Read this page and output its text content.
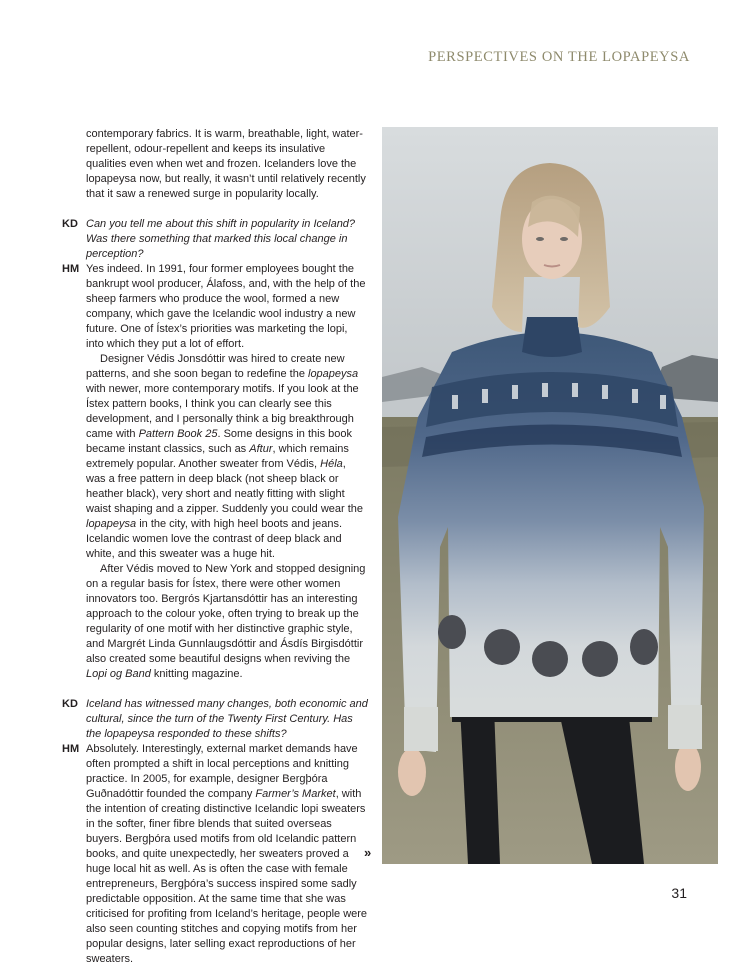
PERSPECTIVES ON THE LOPAPEYSA

contemporary fabrics. It is warm, breathable, light, water-repellent, odour-repellent and keeps its insulative qualities even when wet and frozen. Icelanders love the lopapeysa now, but really, it wasn’t until relatively recently that it saw a renewed surge in popularity locally.

KD Can you tell me about this shift in popularity in Iceland? Was there something that marked this local change in perception?

HM Yes indeed. In 1991, four former employees bought the bankrupt wool producer, Álafoss, and, with the help of the sheep farmers who produce the wool, formed a new company, which gave the Icelandic wool industry a new future. One of Ístex’s priorities was marketing the lopi, into which they put a lot of effort.

Designer Védis Jonsdóttir was hired to create new patterns, and she soon began to redefine the lopapeysa with newer, more contemporary motifs. If you look at the Ístex pattern books, I think you can clearly see this development, and I personally think a big breakthrough came with Pattern Book 25. Some designs in this book became instant classics, such as Aftur, which remains extremely popular. Another sweater from Védis, Héla, was a free pattern in deep black (not sheep black or heather black), very short and neatly fitting with slight waist shaping and a zipper. Suddenly you could wear the lopapeysa in the city, with high heel boots and jeans. Icelandic women love the contrast of deep black and white, and this sweater was a huge hit.

After Védis moved to New York and stopped designing on a regular basis for Ístex, there were other women innovators too. Bergrós Kjartansdóttir has an interesting approach to the colour yoke, often trying to break up the regularity of one motif with her distinctive graphic style, and Margrét Linda Gunnlaugsdóttir and Ásdís Birgisdóttir also created some beautiful designs when reviving the Lopi og Band knitting magazine.

KD Iceland has witnessed many changes, both economic and cultural, since the turn of the Twenty First Century. Has the lopapeysa responded to these shifts?

HM Absolutely. Interestingly, external market demands have often prompted a shift in local perceptions and knitting practice. In 2005, for example, designer Bergþóra Guðnadóttir founded the company Farmer’s Market, with the intention of creating distinctive Icelandic lopi sweaters in the softer, finer fibre blends that suited overseas buyers. Bergþóra used motifs from old Icelandic pattern books, and quite unexpectedly, her sweaters proved a huge local hit as well. As is often the case with female entrepreneurs, Bergþóra’s success inspired some sadly predictable opposition. At the same time that she was criticised for profiting from Iceland’s heritage, people were also seen counting stitches and copying motifs from her popular designs, later selling exact reproductions of her sweaters.

»
31
